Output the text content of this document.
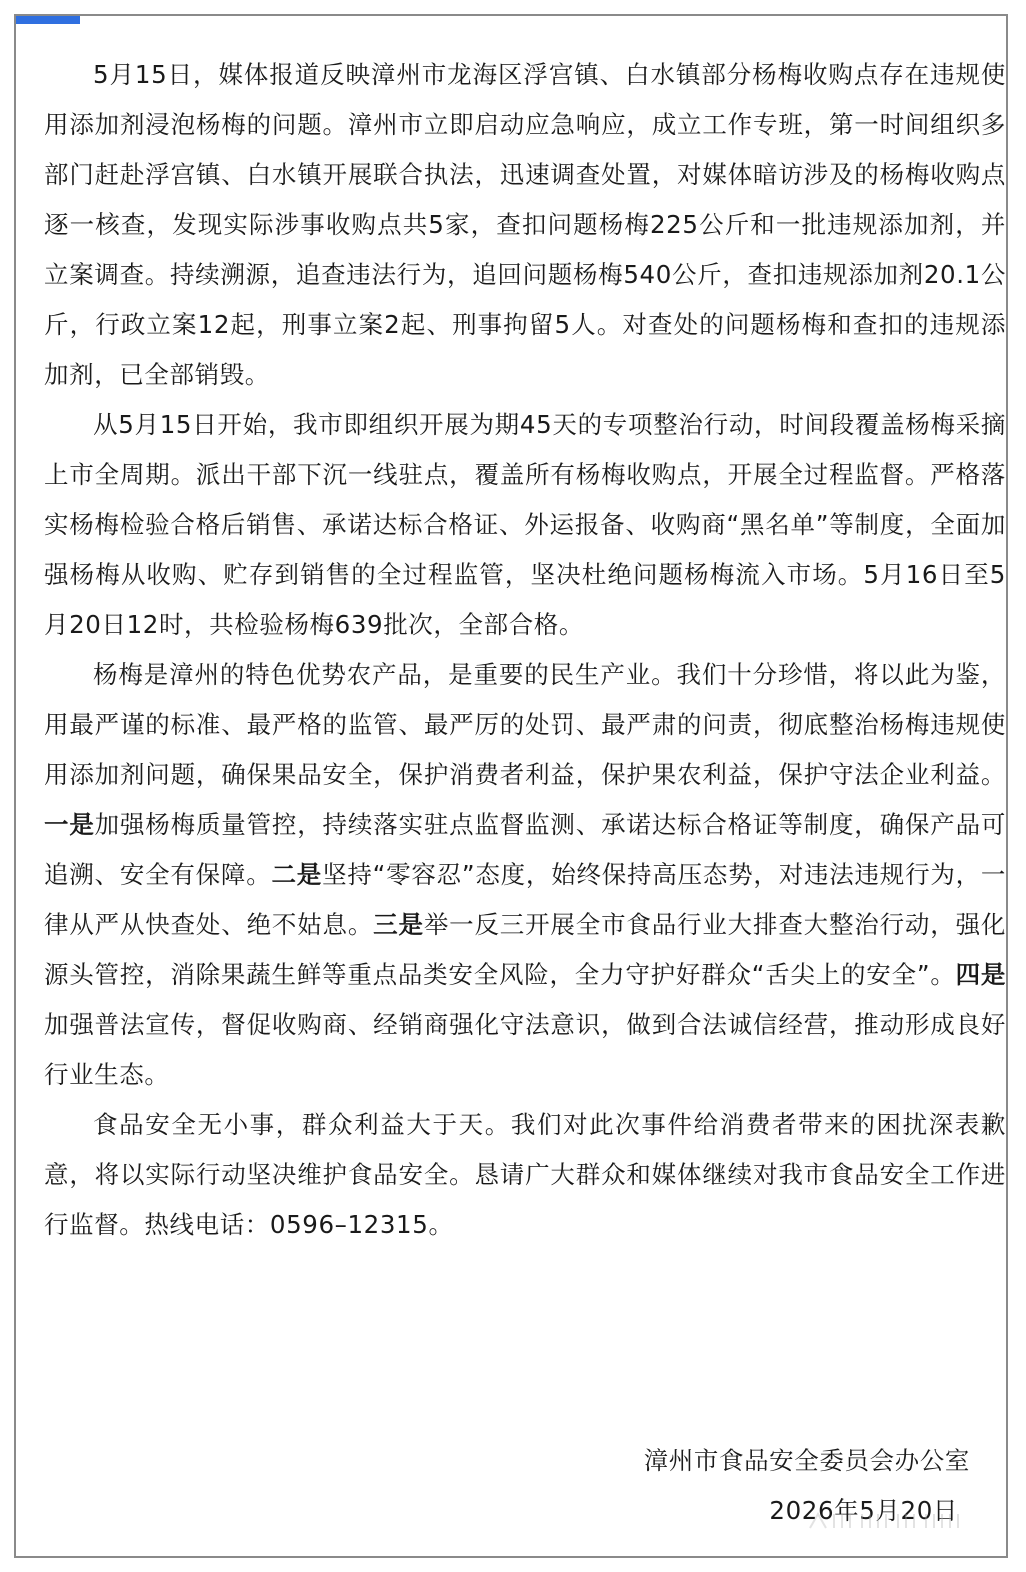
5月15日，媒体报道反映漳州市龙海区浮宫镇、白水镇部分杨梅收购点存在违规使用添加剂浸泡杨梅的问题。漳州市立即启动应急响应，成立工作专班，第一时间组织多部门赶赴浮宫镇、白水镇开展联合执法，迅速调查处置，对媒体暗访涉及的杨梅收购点逐一核查，发现实际涉事收购点共5家，查扣问题杨梅225公斤和一批违规添加剂，并立案调查。持续溯源，追查违法行为，追回问题杨梅540公斤，查扣违规添加剂20.1公斤，行政立案12起，刑事立案2起、刑事拘留5人。对查处的问题杨梅和查扣的违规添加剂，已全部销毁。

从5月15日开始，我市即组织开展为期45天的专项整治行动，时间段覆盖杨梅采摘上市全周期。派出干部下沉一线驻点，覆盖所有杨梅收购点，开展全过程监督。严格落实杨梅检验合格后销售、承诺达标合格证、外运报备、收购商“黑名单”等制度，全面加强杨梅从收购、贮存到销售的全过程监管，坚决杜绝问题杨梅流入市场。5月16日至5月20日12时，共检验杨梅639批次，全部合格。

杨梅是漳州的特色优势农产品，是重要的民生产业。我们十分珍惜，将以此为鉴，用最严谨的标准、最严格的监管、最严厉的处罚、最严肃的问责，彻底整治杨梅违规使用添加剂问题，确保果品安全，保护消费者利益，保护果农利益，保护守法企业利益。一是加强杨梅质量管控，持续落实驻点监督监测、承诺达标合格证等制度，确保产品可追溯、安全有保障。二是坚持“零容忍”态度，始终保持高压态势，对违法违规行为，一律从严从快查处、绝不姑息。三是举一反三开展全市食品行业大排查大整治行动，强化源头管控，消除果蔬生鲜等重点品类安全风险，全力守护好群众“舌尖上的安全”。四是加强普法宣传，督促收购商、经销商强化守法意识，做到合法诚信经营，推动形成良好行业生态。

食品安全无小事，群众利益大于天。我们对此次事件给消费者带来的困扰深表歉意，将以实际行动坚决维护食品安全。恳请广大群众和媒体继续对我市食品安全工作进行监督。热线电话：0596–12315。

漳州市食品安全委员会办公室
2026年5月20日
